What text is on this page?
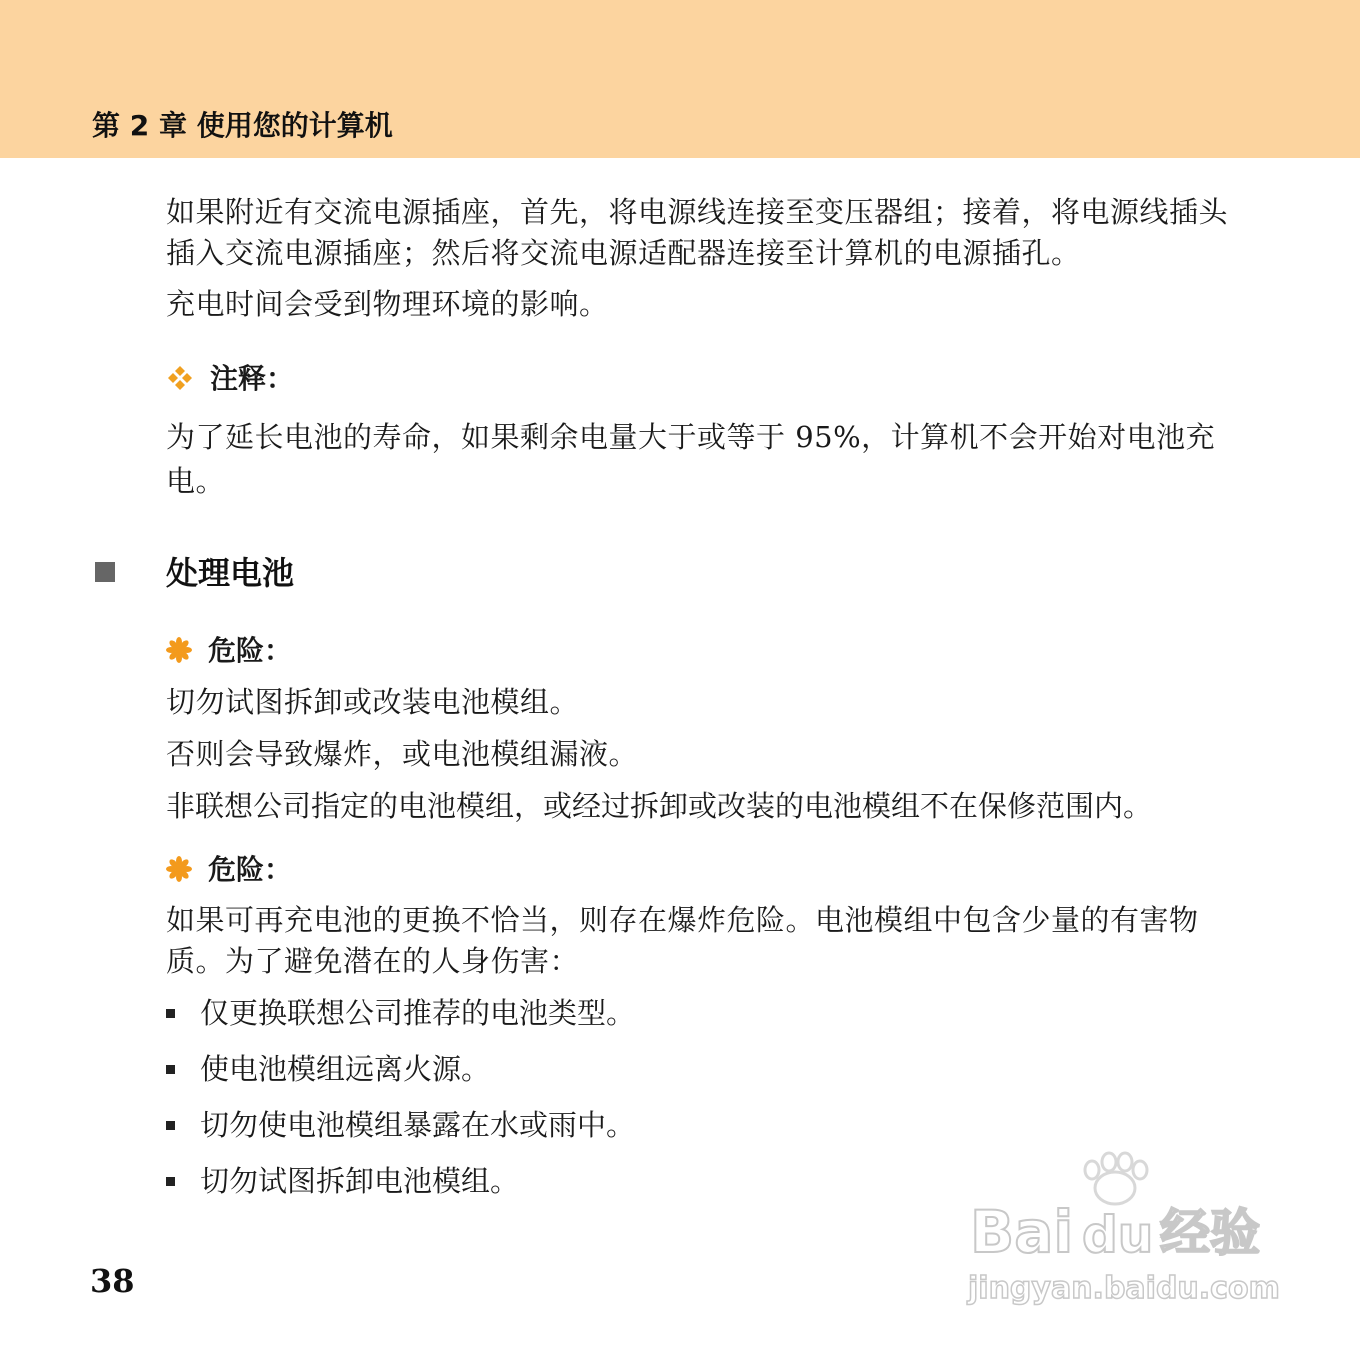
第 2 章 使用您的计算机

如果附近有交流电源插座，首先，将电源线连接至变压器组；接着，将电源线插头插入交流电源插座；然后将交流电源适配器连接至计算机的电源插孔。

充电时间会受到物理环境的影响。

注释：

为了延长电池的寿命，如果剩余电量大于或等于 95%，计算机不会开始对电池充电。

处理电池
危险：

切勿试图拆卸或改装电池模组。

否则会导致爆炸，或电池模组漏液。

非联想公司指定的电池模组，或经过拆卸或改装的电池模组不在保修范围内。

危险：

如果可再充电池的更换不恰当，则存在爆炸危险。电池模组中包含少量的有害物质。为了避免潜在的人身伤害：

仅更换联想公司推荐的电池类型。
使电池模组远离火源。
切勿使电池模组暴露在水或雨中。
切勿试图拆卸电池模组。
38
Bai du 经验
jingyan.baidu.com
